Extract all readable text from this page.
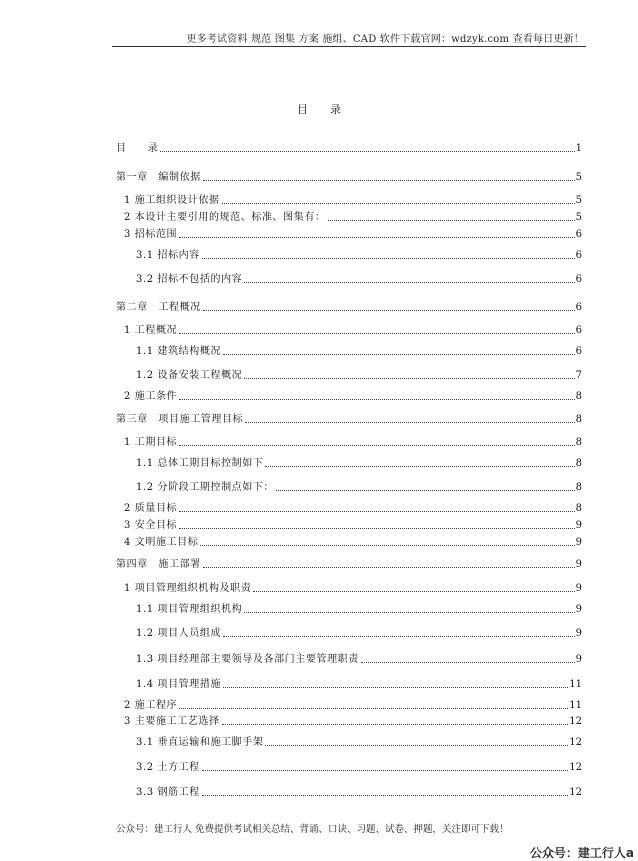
更多考试资料 规范 图集 方案 施组、CAD 软件下载官网：wdzyk.com 查看每日更新！
目 录
目　　录	1
第一章　编制依据	5
1 施工组织设计依据	5
2 本设计主要引用的规范、标准、图集有：	5
3 招标范围	6
3.1 招标内容	6
3.2 招标不包括的内容	6
第二章　工程概况	6
1 工程概况	6
1.1 建筑结构概况	6
1.2 设备安装工程概况	7
2 施工条件	8
第三章　项目施工管理目标	8
1 工期目标	8
1.1 总体工期目标控制如下	8
1.2 分阶段工期控制点如下：	8
2 质量目标	8
3 安全目标	9
4 文明施工目标	9
第四章　施工部署	9
1 项目管理组织机构及职责	9
1.1 项目管理组织机构	9
1.2 项目人员组成	9
1.3 项目经理部主要领导及各部门主要管理职责	9
1.4 项目管理措施	11
2 施工程序	11
3 主要施工工艺选择	12
3.1 垂直运输和施工脚手架	12
3.2 土方工程	12
3.3 钢筋工程	12
公众号：建工行人 免费提供考试相关总结、背诵、口诀、习题、试卷、押题，关注即可下载！
公众号：建工行人a
